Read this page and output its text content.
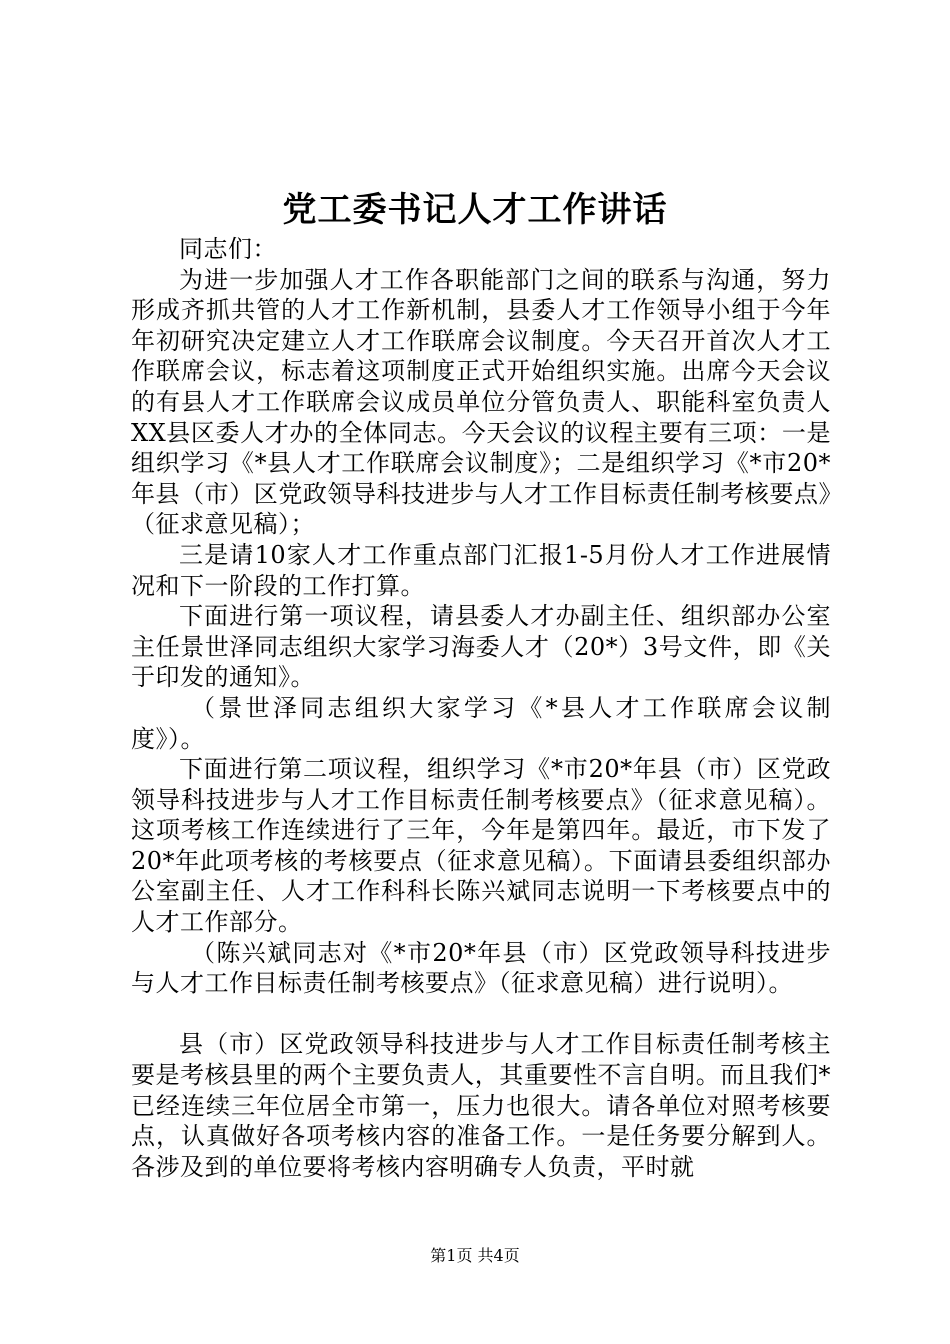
党工委书记人才工作讲话

同志们：

为进一步加强人才工作各职能部门之间的联系与沟通，努力形成齐抓共管的人才工作新机制，县委人才工作领导小组于今年年初研究决定建立人才工作联席会议制度。今天召开首次人才工作联席会议，标志着这项制度正式开始组织实施。出席今天会议的有县人才工作联席会议成员单位分管负责人、职能科室负责人XX县区委人才办的全体同志。今天会议的议程主要有三项：一是组织学习《*县人才工作联席会议制度》；二是组织学习《*市20*年县（市）区党政领导科技进步与人才工作目标责任制考核要点》（征求意见稿）；

三是请10家人才工作重点部门汇报1-5月份人才工作进展情况和下一阶段的工作打算。

下面进行第一项议程，请县委人才办副主任、组织部办公室主任景世泽同志组织大家学习海委人才（20*）3号文件，即《关于印发的通知》。

（景世泽同志组织大家学习《*县人才工作联席会议制度》）。

下面进行第二项议程，组织学习《*市20*年县（市）区党政领导科技进步与人才工作目标责任制考核要点》（征求意见稿）。这项考核工作连续进行了三年，今年是第四年。最近，市下发了20*年此项考核的考核要点（征求意见稿）。下面请县委组织部办公室副主任、人才工作科科长陈兴斌同志说明一下考核要点中的人才工作部分。

（陈兴斌同志对《*市20*年县（市）区党政领导科技进步与人才工作目标责任制考核要点》（征求意见稿）进行说明）。

县（市）区党政领导科技进步与人才工作目标责任制考核主要是考核县里的两个主要负责人，其重要性不言自明。而且我们*已经连续三年位居全市第一，压力也很大。请各单位对照考核要点，认真做好各项考核内容的准备工作。一是任务要分解到人。各涉及到的单位要将考核内容明确专人负责，平时就

第1页 共4页
